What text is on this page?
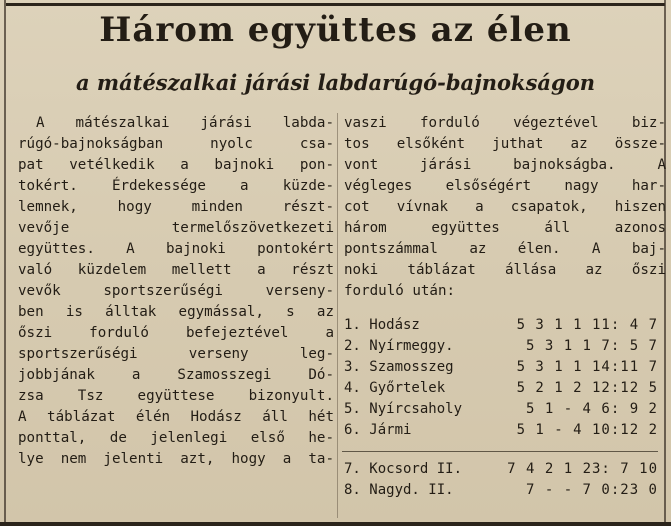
Három együttes az élen
a mátészalkai járási labdarúgó-bajnokságon
A mátészalkai járási labda-
rúgó-bajnokságban nyolc csa-
pat vetélkedik a bajnoki pon-
tokért. Érdekessége a küzde-
lemnek, hogy minden részt-
vevője termelőszövetkezeti
együttes. A bajnoki pontokért
való küzdelem mellett a részt
vevők sportszerűségi verseny-
ben is álltak egymással, s az
őszi forduló befejeztével a
sportszerűségi verseny leg-
jobbjának a Szamosszegi Dó-
zsa Tsz együttese bizonyult.
A táblázat élén Hodász áll hét
ponttal, de jelenlegi első he-
lye nem jelenti azt, hogy a ta-
vaszi forduló végeztével biz-
tos elsőként juthat az össze-
vont járási bajnokságba. A
végleges elsőségért nagy har-
cot vívnak a csapatok, hiszen
három együttes áll azonos
pontszámmal az élen. A baj-
noki táblázat állása az őszi
forduló után:
1. Hodász	5 3 1 1 11: 4 7
2. Nyírmeggy.	5 3 1 1 7: 5 7
3. Szamosszeg	5 3 1 1 14:11 7
4. Győrtelek	5 2 1 2 12:12 5
5. Nyírcsaholy	5 1 - 4 6: 9 2
6. Jármi	5 1 - 4 10:12 2
7. Kocsord II.	7 4 2 1 23: 7 10
8. Nagyd. II.	7 - - 7 0:23 0
